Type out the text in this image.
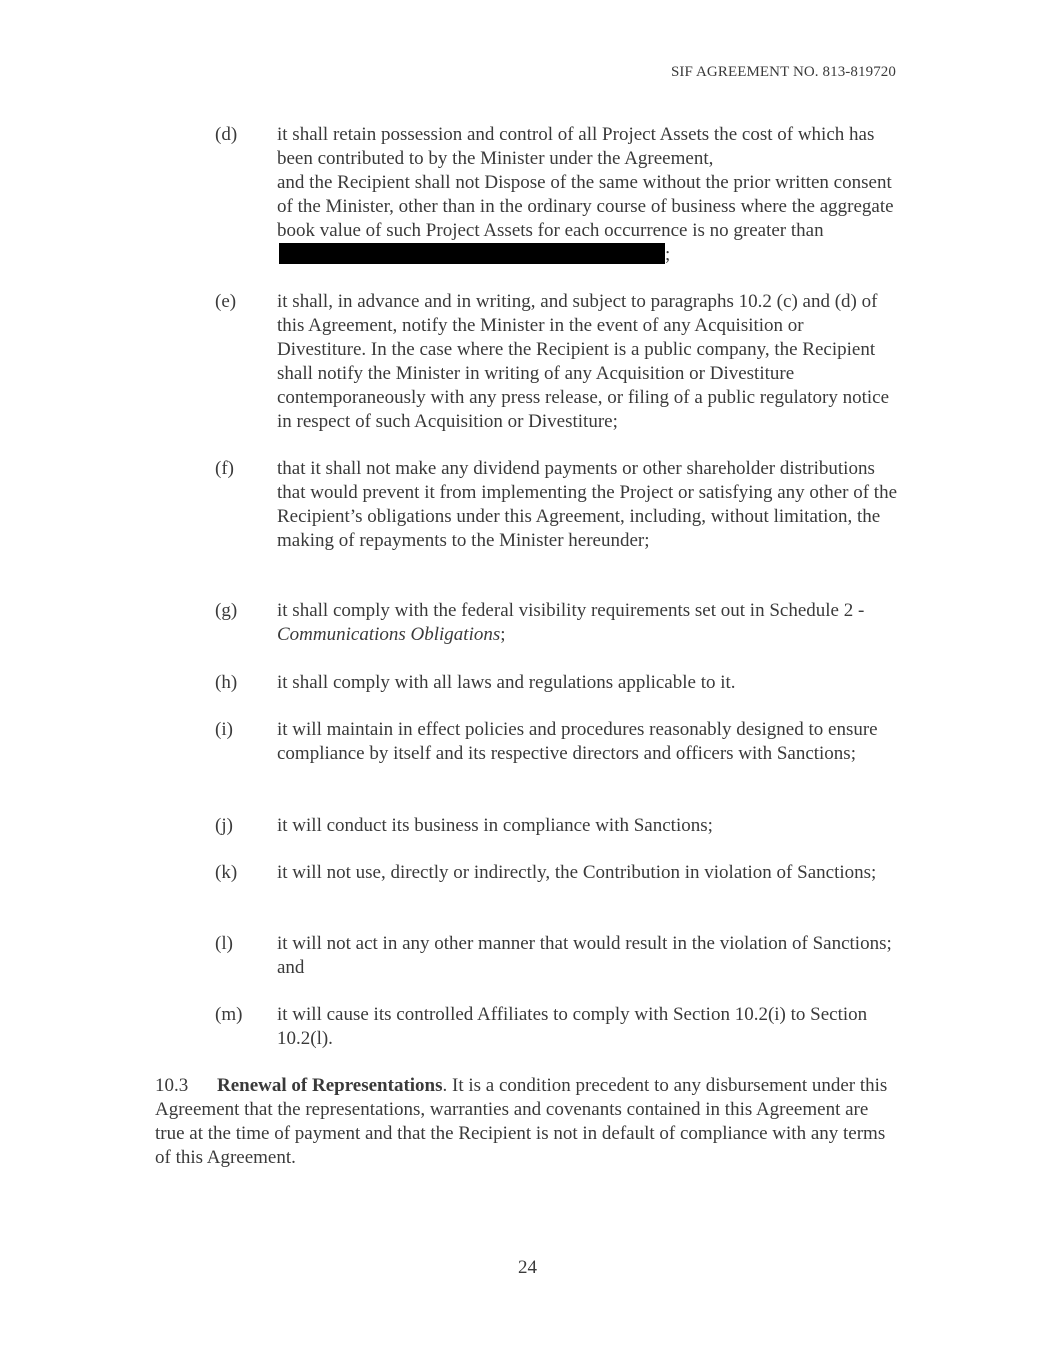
SIF AGREEMENT NO. 813-819720
(d)	it shall retain possession and control of all Project Assets the cost of which has been contributed to by the Minister under the Agreement,
and the Recipient shall not Dispose of the same without the prior written consent of the Minister, other than in the ordinary course of business where the aggregate book value of such Project Assets for each occurrence is no greater than;
(e)	it shall, in advance and in writing, and subject to paragraphs 10.2 (c) and (d) of this Agreement, notify the Minister in the event of any Acquisition or Divestiture. In the case where the Recipient is a public company, the Recipient shall notify the Minister in writing of any Acquisition or Divestiture contemporaneously with any press release, or filing of a public regulatory notice in respect of such Acquisition or Divestiture;
(f)	that it shall not make any dividend payments or other shareholder distributions that would prevent it from implementing the Project or satisfying any other of the Recipient’s obligations under this Agreement, including, without limitation, the making of repayments to the Minister hereunder;
(g)	it shall comply with the federal visibility requirements set out in Schedule 2 - Communications Obligations;
(h)	it shall comply with all laws and regulations applicable to it.
(i)	it will maintain in effect policies and procedures reasonably designed to ensure compliance by itself and its respective directors and officers with Sanctions;
(j)	it will conduct its business in compliance with Sanctions;
(k)	it will not use, directly or indirectly, the Contribution in violation of Sanctions;
(l)	it will not act in any other manner that would result in the violation of Sanctions; and
(m)	it will cause its controlled Affiliates to comply with Section 10.2(i) to Section 10.2(l).
10.3 Renewal of Representations. It is a condition precedent to any disbursement under this Agreement that the representations, warranties and covenants contained in this Agreement are true at the time of payment and that the Recipient is not in default of compliance with any terms of this Agreement.
24
